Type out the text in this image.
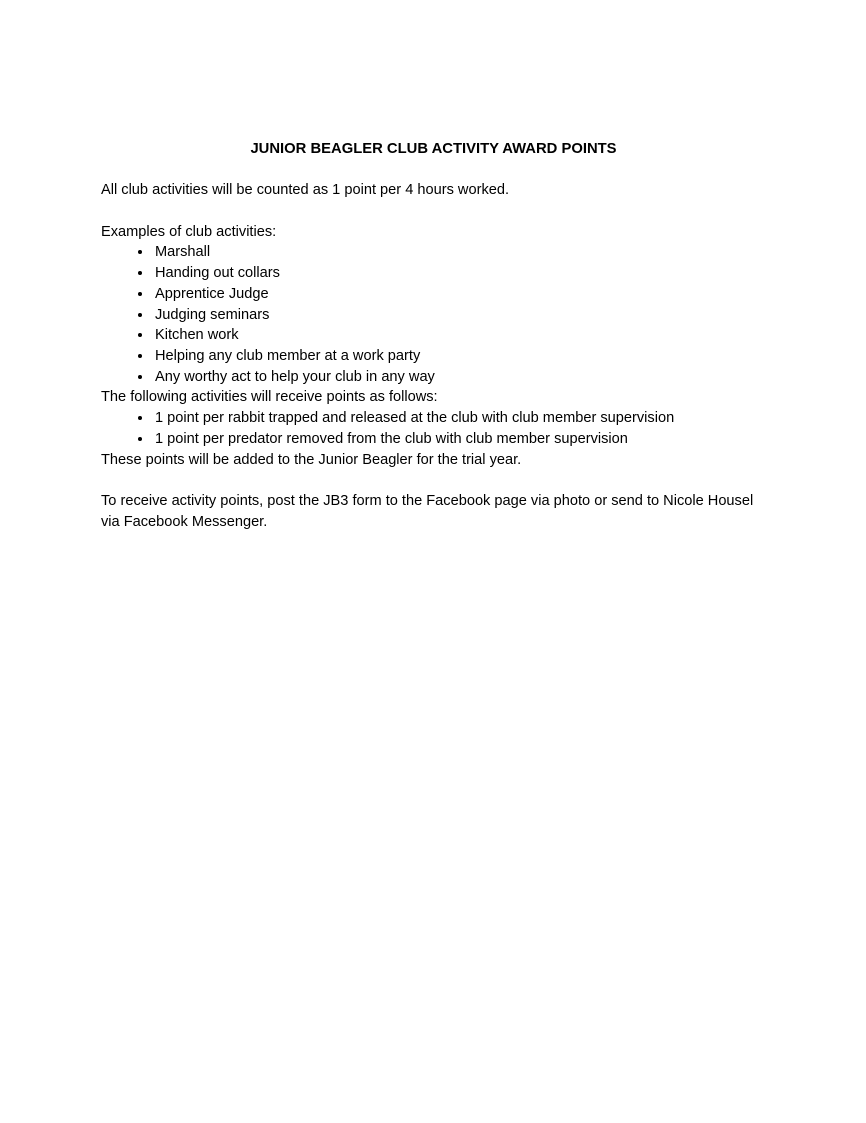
JUNIOR BEAGLER CLUB ACTIVITY AWARD POINTS

All club activities will be counted as 1 point per 4 hours worked.

Examples of club activities:

• Marshall
• Handing out collars
• Apprentice Judge
• Judging seminars
• Kitchen work
• Helping any club member at a work party
• Any worthy act to help your club in any way

The following activities will receive points as follows:

• 1 point per rabbit trapped and released at the club with club member supervision
• 1 point per predator removed from the club with club member supervision

These points will be added to the Junior Beagler for the trial year.

To receive activity points, post the JB3 form to the Facebook page via photo or send to Nicole Housel via Facebook Messenger.
